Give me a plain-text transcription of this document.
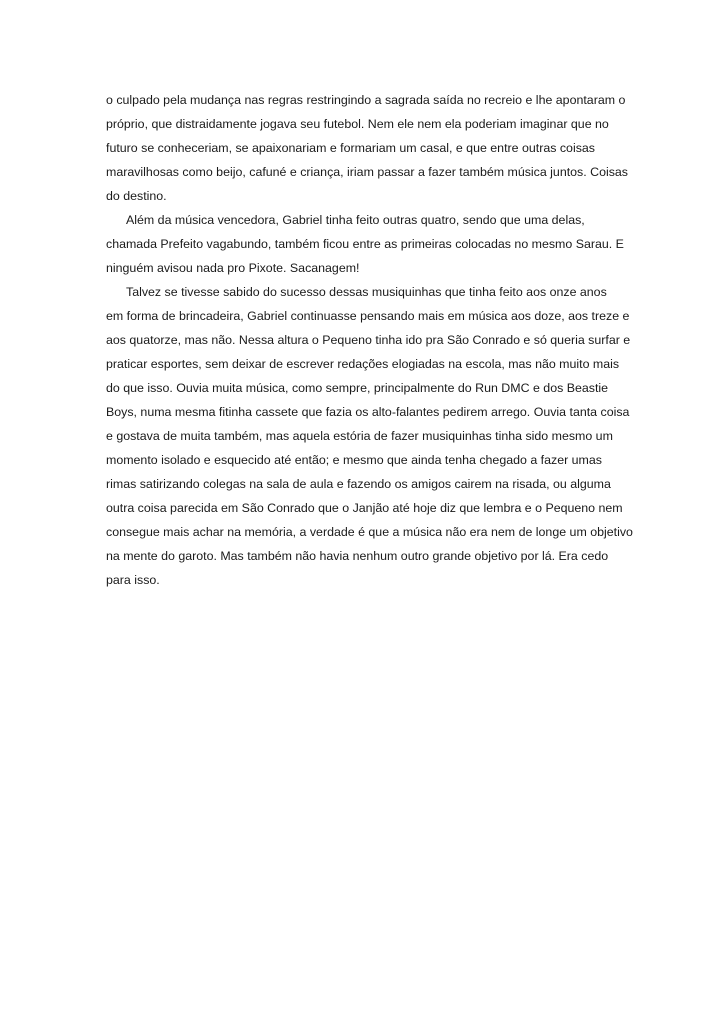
o culpado pela mudança nas regras restringindo a sagrada saída no recreio e lhe apontaram o
próprio, que distraidamente jogava seu futebol. Nem ele nem ela poderiam imaginar que no
futuro se conheceriam, se apaixonariam e formariam um casal, e que entre outras coisas
maravilhosas como beijo, cafuné e criança, iriam passar a fazer também música juntos. Coisas
do destino.
Além da música vencedora, Gabriel tinha feito outras quatro, sendo que uma delas,
chamada Prefeito vagabundo, também ficou entre as primeiras colocadas no mesmo Sarau. E
ninguém avisou nada pro Pixote. Sacanagem!
Talvez se tivesse sabido do sucesso dessas musiquinhas que tinha feito aos onze anos
em forma de brincadeira, Gabriel continuasse pensando mais em música aos doze, aos treze e
aos quatorze, mas não. Nessa altura o Pequeno tinha ido pra São Conrado e só queria surfar e
praticar esportes, sem deixar de escrever redações elogiadas na escola, mas não muito mais
do que isso. Ouvia muita música, como sempre, principalmente do Run DMC e dos Beastie
Boys, numa mesma fitinha cassete que fazia os alto-falantes pedirem arrego. Ouvia tanta coisa
e gostava de muita também, mas aquela estória de fazer musiquinhas tinha sido mesmo um
momento isolado e esquecido até então; e mesmo que ainda tenha chegado a fazer umas
rimas satirizando colegas na sala de aula e fazendo os amigos cairem na risada, ou alguma
outra coisa parecida em São Conrado que o Janjão até hoje diz que lembra e o Pequeno nem
consegue mais achar na memória, a verdade é que a música não era nem de longe um objetivo
na mente do garoto. Mas também não havia nenhum outro grande objetivo por lá. Era cedo
para isso.
